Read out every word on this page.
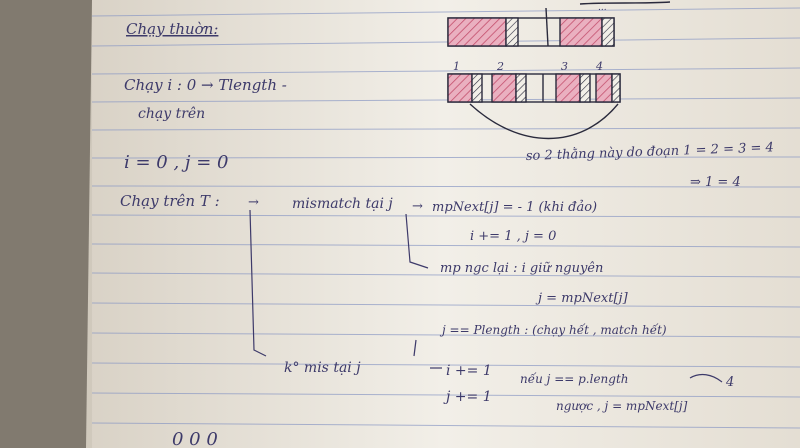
...
1	2	3	4
Chạy thuờn:
Chạy i : 0 → Tlength -
chạy trên
i = 0 , j = 0	so 2 thằng này do đoạn 1 = 2 = 3 = 4
⇒ 1 = 4
Chạy trên T : → mismatch tại j → mpNext[j] = - 1 (khi đảo)
i += 1 , j = 0
mp ngc lại : i giữ nguyên
j = mpNext[j]
j == Plength : (chạy hết , match hết)
k° mis tại j	i += 1
j += 1
nếu j == p.length
ngược , j = mpNext[j]
4
0 0 0
